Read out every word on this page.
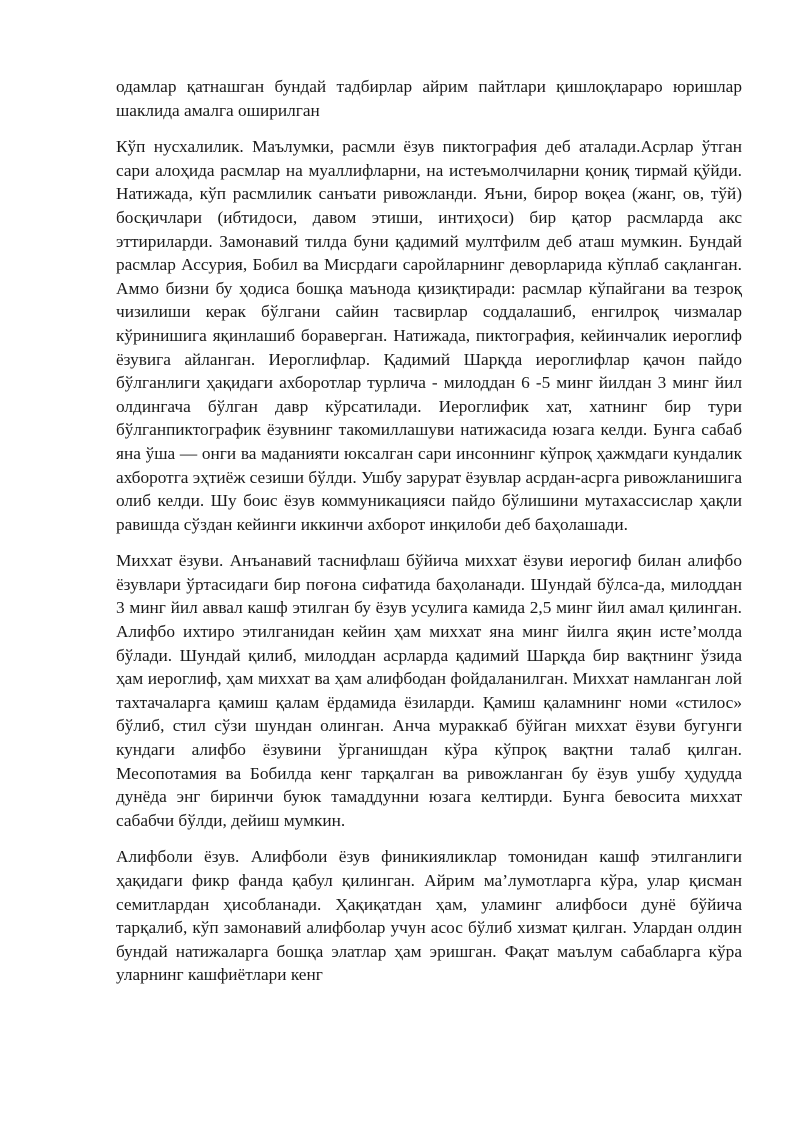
одамлар қатнашган бундай тадбирлар айрим пайтлари қишлоқлараро юришлар шаклида амалга оширилган

Кўп нусхалилик. Маълумки, расмли ёзув пиктография деб аталади.Асрлар ўтган сари алоҳида расмлар на муаллифларни, на истеъмолчиларни қониқ тирмай қўйди. Натижада, кўп расмлилик санъати ривожланди. Яъни, бирор воқеа (жанг, ов, тўй) босқичлари (ибтидоси, давом этиши, интиҳоси) бир қатор расмларда акс эттириларди. Замонавий тилда буни қадимий мултфилм деб аташ мумкин. Бундай расмлар Ассурия, Бобил ва Мисрдаги саройларнинг деворларида кўплаб сақланган. Аммо бизни бу ҳодиса бошқа маънода қизиқтиради: расмлар кўпайгани ва тезроқ чизилиши керак бўлгани сайин тасвирлар соддалашиб, енгилроқ чизмалар кўринишига яқинлашиб бораверган. Натижада, пиктография, кейинчалик иероглиф ёзувига айланган. Иероглифлар. Қадимий Шарқда иероглифлар қачон пайдо бўлганлиги ҳақидаги ахборотлар турлича - милоддан 6 -5 минг йилдан 3 минг йил олдингача бўлган давр кўрсатилади. Иероглифик хат, хатнинг бир тури бўлганпиктографик ёзувнинг такомиллашуви натижасида юзага келди. Бунга сабаб яна ўша — онги ва маданияти юксалган сари инсоннинг кўпроқ ҳажмдаги кундалик ахборотга эҳтиёж сезиши бўлди. Ушбу зарурат ёзувлар асрдан-асрга ривожланишига олиб келди. Шу боис ёзув коммуникацияси пайдо бўлишини мутахассислар ҳақли равишда сўздан кейинги иккинчи ахборот инқилоби деб баҳолашади.

Миххат ёзуви. Анъанавий таснифлаш бўйича миххат ёзуви иерогиф билан алифбо ёзувлари ўртасидаги бир поғона сифатида баҳоланади. Шундай бўлса-да, милоддан 3 минг йил аввал кашф этилган бу ёзув усулига камида 2,5 минг йил амал қилинган. Алифбо ихтиро этилганидан кейин ҳам миххат яна минг йилга яқин исте’молда бўлади. Шундай қилиб, милоддан асрларда қадимий Шарқда бир вақтнинг ўзида ҳам иероглиф, ҳам миххат ва ҳам алифбодан фойдаланилган. Миххат намланган лой тахтачаларга қамиш қалам ёрдамида ёзиларди. Қамиш қаламнинг номи «стилос» бўлиб, стил сўзи шундан олинган. Анча мураккаб бўйган миххат ёзуви бугунги кундаги алифбо ёзувини ўрганишдан кўра кўпроқ вақтни талаб қилган. Месопотамия ва Бобилда кенг тарқалган ва ривожланган бу ёзув ушбу ҳудудда дунёда энг биринчи буюк тамаддунни юзага келтирди. Бунга бевосита миххат сабабчи бўлди, дейиш мумкин.

Алифболи ёзув. Алифболи ёзув финикияликлар томонидан кашф этилганлиги ҳақидаги фикр фанда қабул қилинган. Айрим ма’лумотларга кўра, улар қисман семитлардан ҳисобланади. Ҳақиқатдан ҳам, уламинг алифбоси дунё бўйича тарқалиб, кўп замонавий алифболар учун асос бўлиб хизмат қилган. Улардан олдин бундай натижаларга бошқа элатлар ҳам эришган. Фақат маълум сабабларга кўра уларнинг кашфиётлари кенг
